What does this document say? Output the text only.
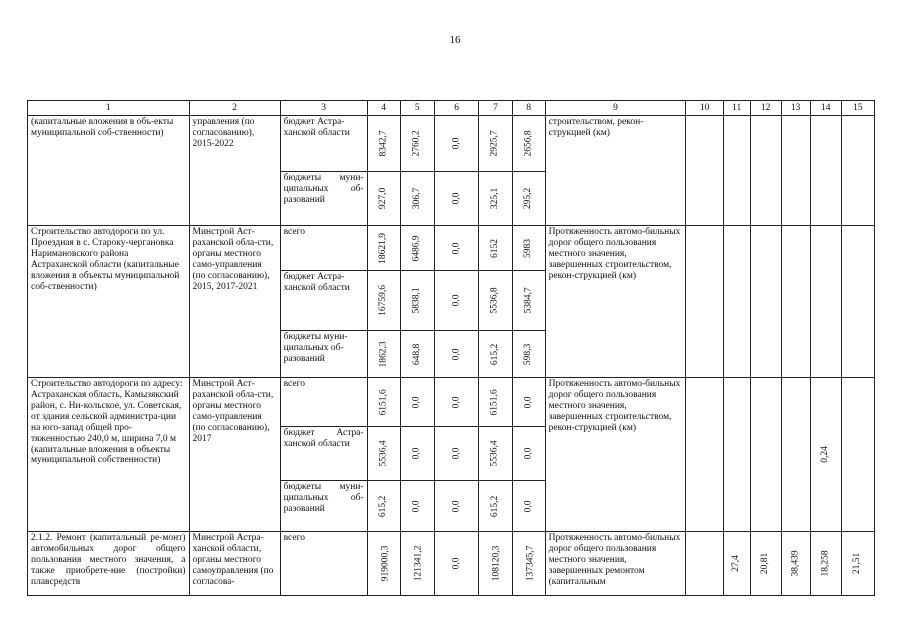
16
1	2	3	4	5	6	7	8	9	10	11	12	13	14	15
(капитальные вложения в объ-екты муниципальной соб-ственности)	управления (по согласованию), 2015-2022	бюджет Астра-ханской области	8342,7	2760,2	0,0	2925,7	2656,8	строительством, рекон-струкцией (км)						
		бюджеты муни-ципальных об-разований	927,0	306,7	0,0	325,1	295,2							
Строительство автодороги по ул. Проездная в с. Староку-чергановка Наримановского района Астраханской области (капитальные вложения в объекты муниципальной соб-ственности)	Минстрой Аст-раханской обла-сти, органы местного само-управления (по согласованию), 2015, 2017-2021	всего	18621,9	6486,9	0,0	6152	5983	Протяженность автомо-бильных дорог общего пользования местного значения, завершенных строительством, рекон-струкцией (км)						
		бюджет Астра-ханской области	16759,6	5838,1	0,0	5536,8	5384,7							
		бюджеты муни-ципальных об-разований	1862,3	648,8	0,0	615,2	598,3							
Строительство автодороги по адресу: Астраханская область, Камызякский район, с. Ни-кольское, ул. Советская, от здания сельской администра-ции на юго-запад общей про-тяженностью 240,0 м, ширина 7,0 м (капитальные вложения в объекты муниципальной собственности)	Минстрой Аст-раханской обла-сти, органы местного само-управления (по согласованию), 2017	всего	6151,6	0,0	0,0	6151,6	0,0	Протяженность автомо-бильных дорог общего пользования местного значения, завершенных строительством, рекон-струкцией (км)					0,24	
		бюджет Астра-ханской области	5536,4	0,0	0,0	5536,4	0,0							
		бюджеты муни-ципальных об-разований	615,2	0,0	0,0	615,2	0,0							
2.1.2. Ремонт (капитальный ре-монт) автомобильных дорог общего пользования местного значения, а также приобрете-ние (постройки) плавсредств	Минстрой Астра-ханской области, органы местного самоуправления (по согласова-	всего	919000,3	121341,2	0,0	108120,3	137345,7	Протяженность автомо-бильных дорог общего пользования местного значения, завершенных ремонтом (капитальным		27,4	20,81	38,439	18,258	21,51
